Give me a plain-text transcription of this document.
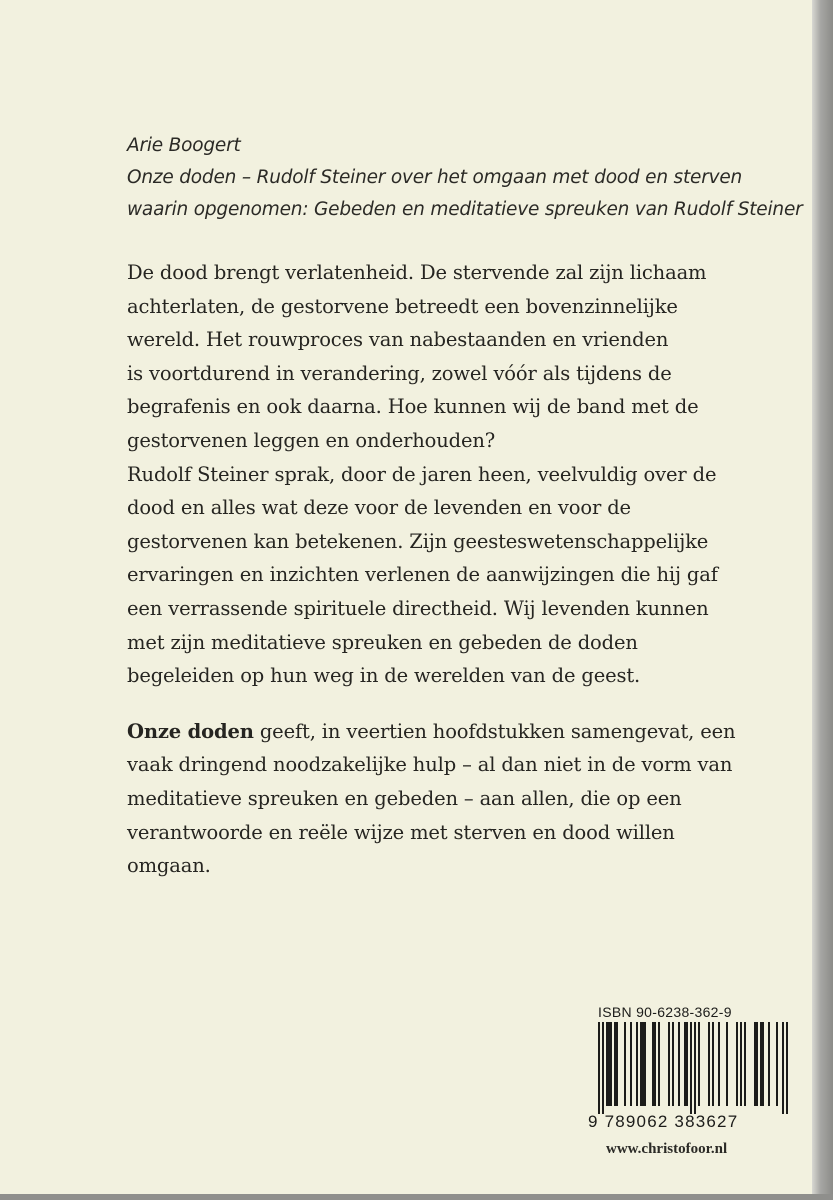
Arie Boogert
Onze doden – Rudolf Steiner over het omgaan met dood en sterven
waarin opgenomen: Gebeden en meditatieve spreuken van Rudolf Steiner

De dood brengt verlatenheid. De stervende zal zijn lichaam

achterlaten, de gestorvene betreedt een bovenzinnelijke

wereld. Het rouwproces van nabestaanden en vrienden

is voortdurend in verandering, zowel vóór als tijdens de

begrafenis en ook daarna. Hoe kunnen wij de band met de

gestorvenen leggen en onderhouden?

Rudolf Steiner sprak, door de jaren heen, veelvuldig over de

dood en alles wat deze voor de levenden en voor de

gestorvenen kan betekenen. Zijn geesteswetenschappelijke

ervaringen en inzichten verlenen de aanwijzingen die hij gaf

een verrassende spirituele directheid. Wij levenden kunnen

met zijn meditatieve spreuken en gebeden de doden

begeleiden op hun weg in de werelden van de geest.

Onze doden geeft, in veertien hoofdstukken samengevat, een

vaak dringend noodzakelijke hulp – al dan niet in de vorm van

meditatieve spreuken en gebeden – aan allen, die op een

verantwoorde en reële wijze met sterven en dood willen

omgaan.

ISBN 90-6238-362-9
9 789062 383627
www.christofoor.nl
